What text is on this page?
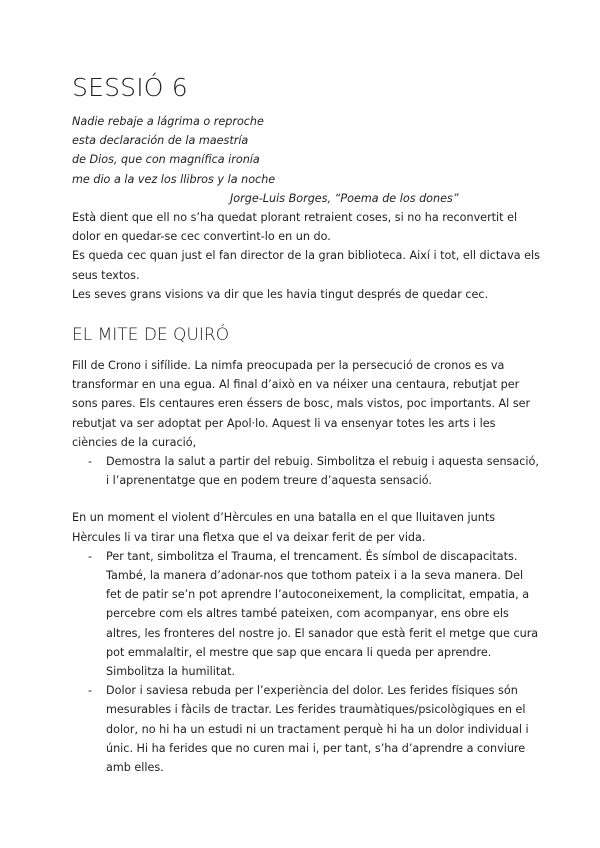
SESSIÓ 6
Nadie rebaje a lágrima o reproche
esta declaración de la maestría
de Dios, que con magnífica ironía
me dio a la vez los llibros y la noche
Jorge-Luis Borges, “Poema de los dones”

Està dient que ell no s’ha quedat plorant retraient coses, si no ha reconvertit el dolor en quedar-se cec convertint-lo en un do.

Es queda cec quan just el fan director de la gran biblioteca. Així i tot, ell dictava els seus textos.

Les seves grans visions va dir que les havia tingut després de quedar cec.

EL MITE DE QUIRÓ

Fill de Crono i sifílide. La nimfa preocupada per la persecució de cronos es va transformar en una egua. Al final d’això en va néixer una centaura, rebutjat per sons pares. Els centaures eren éssers de bosc, mals vistos, poc importants. Al ser rebutjat va ser adoptat per Apol·lo. Aquest li va ensenyar totes les arts i les ciències de la curació,

- Demostra la salut a partir del rebuig. Simbolitza el rebuig i aquesta sensació, i l’aprenentatge que en podem treure d’aquesta sensació.

En un moment el violent d’Hèrcules en una batalla en el que lluitaven junts Hèrcules li va tirar una fletxa que el va deixar ferit de per vida.

- Per tant, simbolitza el Trauma, el trencament. És símbol de discapacitats. També, la manera d’adonar-nos que tothom pateix i a la seva manera. Del fet de patir se’n pot aprendre l’autoconeixement, la complicitat, empatia, a percebre com els altres també pateixen, com acompanyar, ens obre els altres, les fronteres del nostre jo. El sanador que està ferit el metge que cura pot emmalaltir, el mestre que sap que encara li queda per aprendre. Simbolitza la humilitat.
- Dolor i saviesa rebuda per l’experiència del dolor. Les ferides físiques són mesurables i fàcils de tractar. Les ferides traumàtiques/psicològiques en el dolor, no hi ha un estudi ni un tractament perquè hi ha un dolor individual i únic. Hi ha ferides que no curen mai i, per tant, s’ha d’aprendre a conviure amb elles.
